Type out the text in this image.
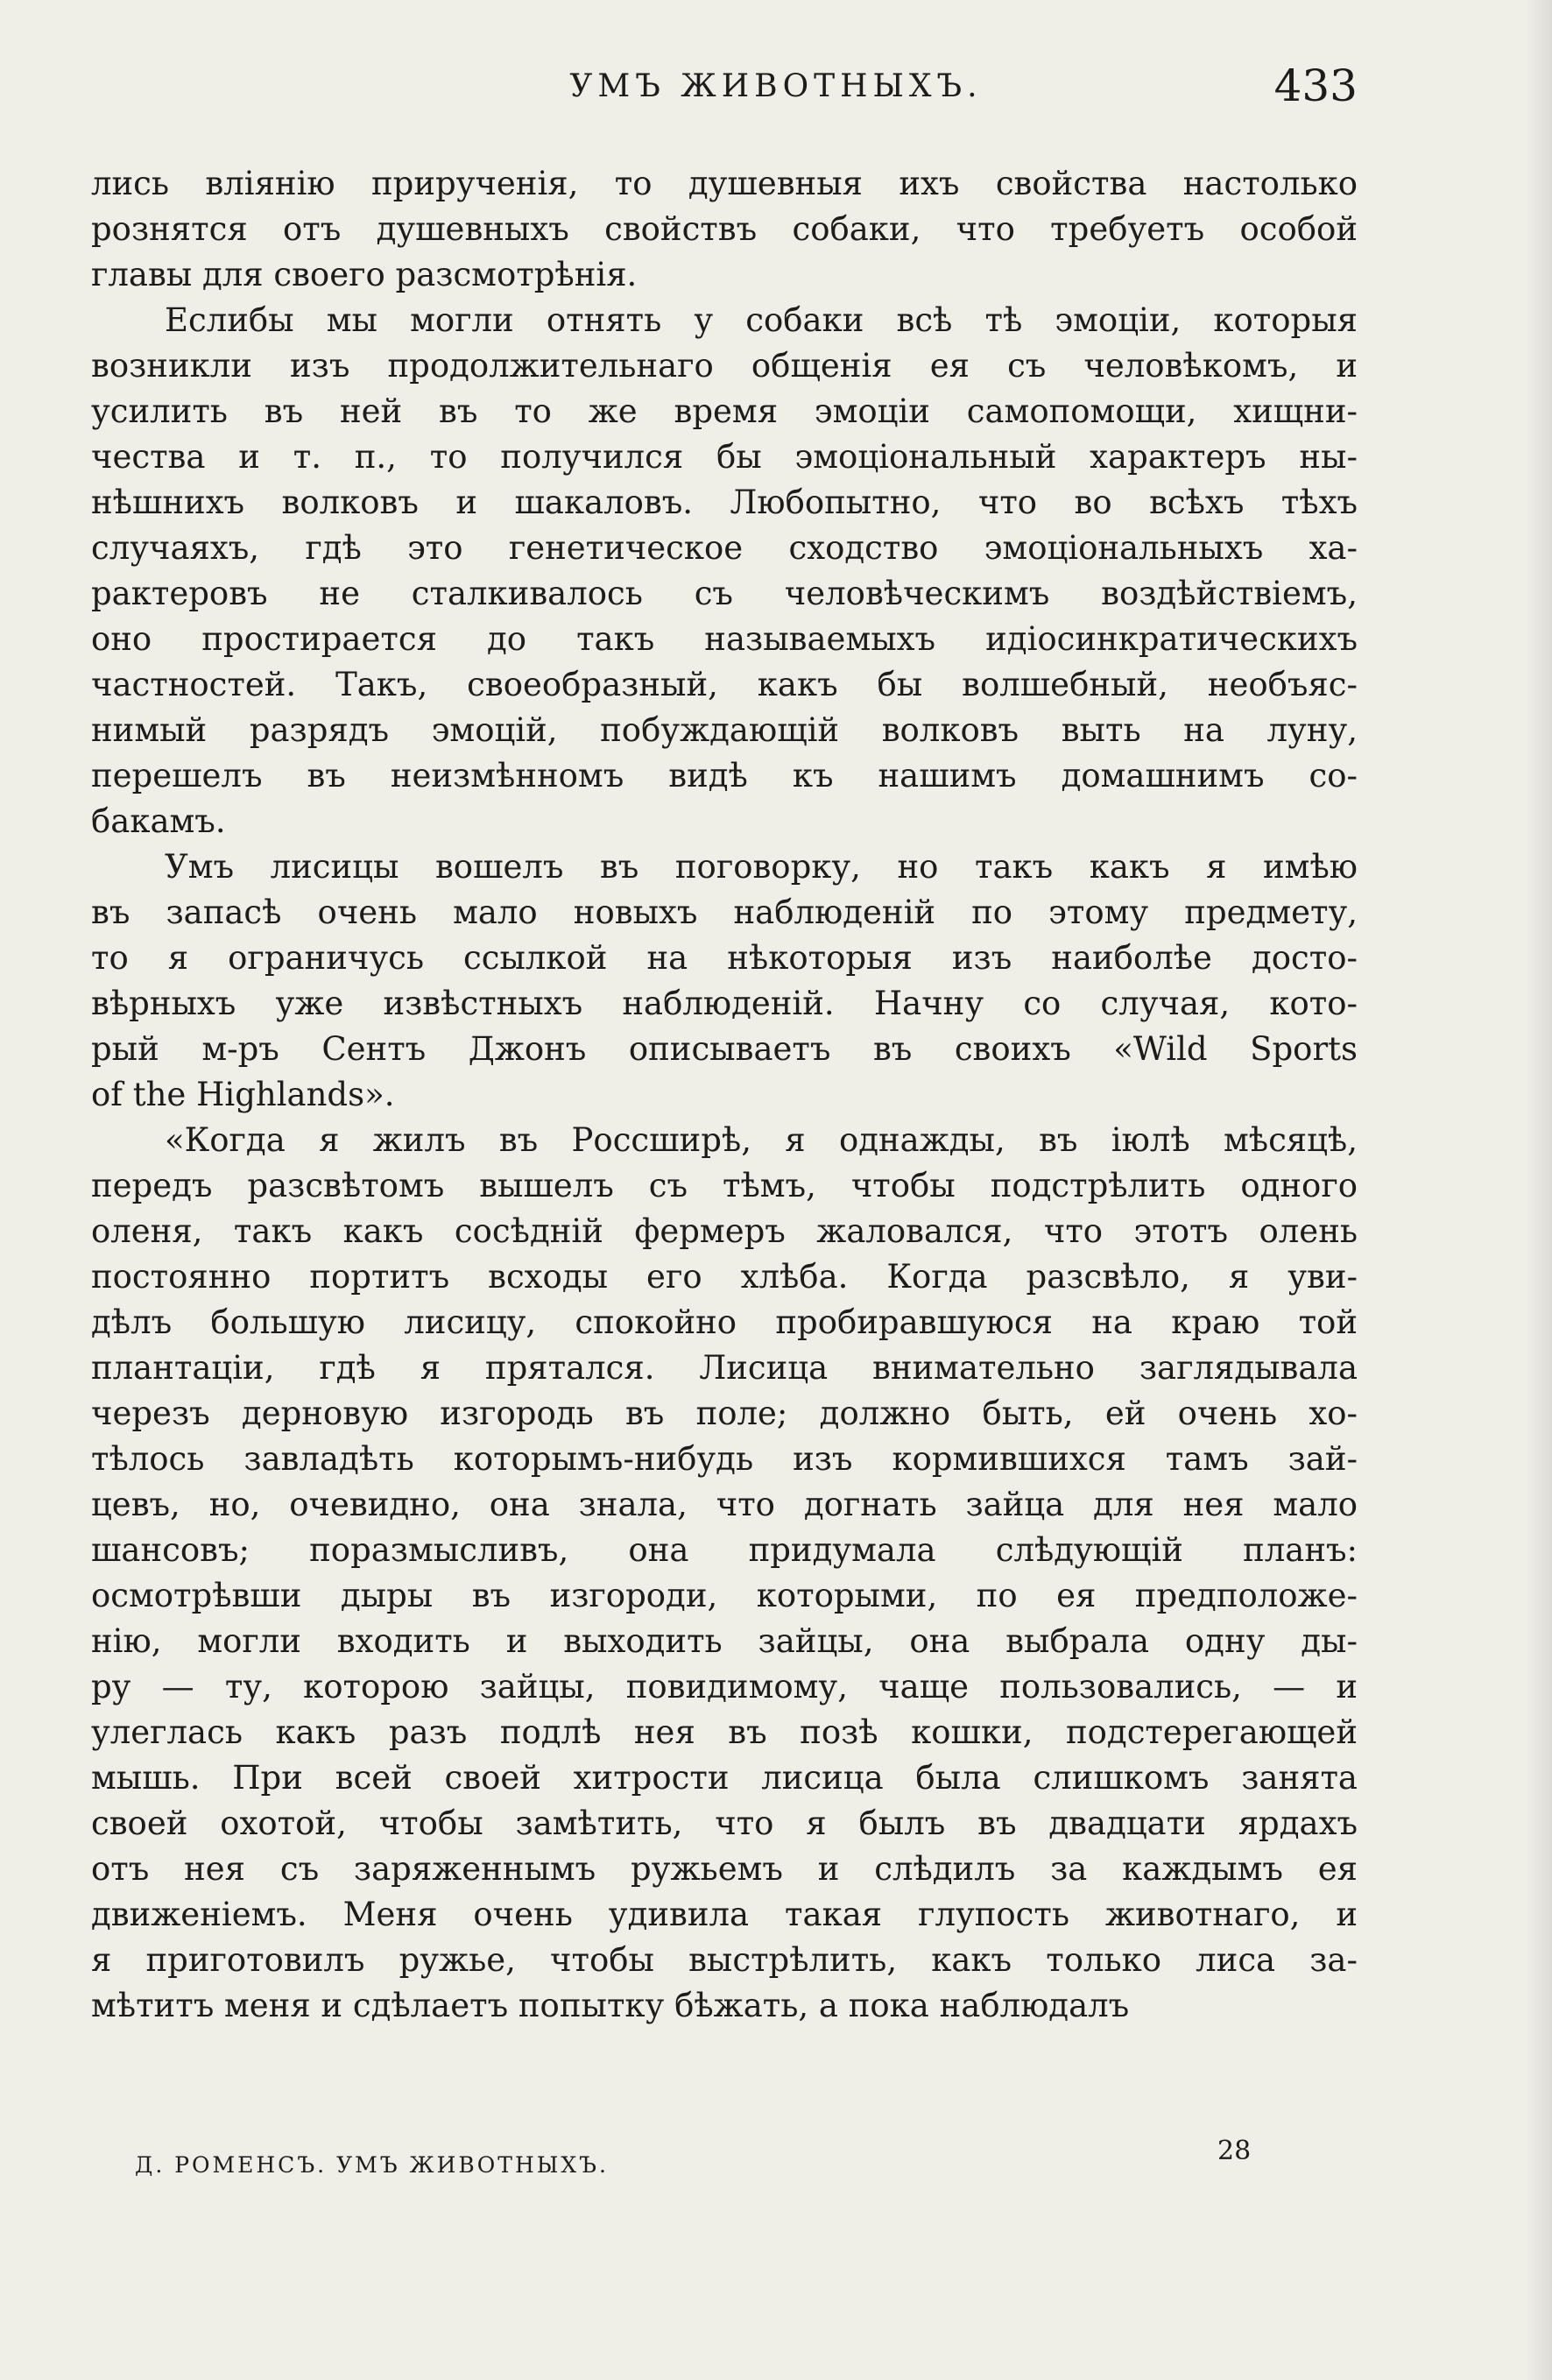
УМЪ ЖИВОТНЫХЪ.	433
лись вліянію прирученія, то душевныя ихъ свойства настолько
рознятся отъ душевныхъ свойствъ собаки, что требуетъ особой
главы для своего разсмотрѣнія.
Еслибы мы могли отнять у собаки всѣ тѣ эмоціи, которыя
возникли изъ продолжительнаго общенія ея съ человѣкомъ, и
усилить въ ней въ то же время эмоціи самопомощи, хищни-
чества и т. п., то получился бы эмоціональный характеръ ны-
нѣшнихъ волковъ и шакаловъ. Любопытно, что во всѣхъ тѣхъ
случаяхъ, гдѣ это генетическое сходство эмоціональныхъ ха-
рактеровъ не сталкивалось съ человѣческимъ воздѣйствіемъ,
оно простирается до такъ называемыхъ идіосинкратическихъ
частностей. Такъ, своеобразный, какъ бы волшебный, необъяс-
нимый разрядъ эмоцій, побуждающій волковъ выть на луну,
перешелъ въ неизмѣнномъ видѣ къ нашимъ домашнимъ со-
бакамъ.
Умъ лисицы вошелъ въ поговорку, но такъ какъ я имѣю
въ запасѣ очень мало новыхъ наблюденій по этому предмету,
то я ограничусь ссылкой на нѣкоторыя изъ наиболѣе досто-
вѣрныхъ уже извѣстныхъ наблюденій. Начну со случая, кото-
рый м-ръ Сентъ Джонъ описываетъ въ своихъ «Wild Sports
of the Highlands».
«Когда я жилъ въ Россширѣ, я однажды, въ іюлѣ мѣсяцѣ,
передъ разсвѣтомъ вышелъ съ тѣмъ, чтобы подстрѣлить одного
оленя, такъ какъ сосѣдній фермеръ жаловался, что этотъ олень
постоянно портитъ всходы его хлѣба. Когда разсвѣло, я уви-
дѣлъ большую лисицу, спокойно пробиравшуюся на краю той
плантаціи, гдѣ я прятался. Лисица внимательно заглядывала
черезъ дерновую изгородь въ поле; должно быть, ей очень хо-
тѣлось завладѣть которымъ-нибудь изъ кормившихся тамъ зай-
цевъ, но, очевидно, она знала, что догнать зайца для нея мало
шансовъ; поразмысливъ, она придумала слѣдующій планъ:
осмотрѣвши дыры въ изгороди, которыми, по ея предположе-
нію, могли входить и выходить зайцы, она выбрала одну ды-
ру — ту, которою зайцы, повидимому, чаще пользовались, — и
улеглась какъ разъ подлѣ нея въ позѣ кошки, подстерегающей
мышь. При всей своей хитрости лисица была слишкомъ занята
своей охотой, чтобы замѣтить, что я былъ въ двадцати ярдахъ
отъ нея съ заряженнымъ ружьемъ и слѣдилъ за каждымъ ея
движеніемъ. Меня очень удивила такая глупость животнаго, и
я приготовилъ ружье, чтобы выстрѣлить, какъ только лиса за-
мѣтитъ меня и сдѣлаетъ попытку бѣжать, а пока наблюдалъ
Д. РОМЕНСЪ. УМЪ ЖИВОТНЫХЪ.	28
